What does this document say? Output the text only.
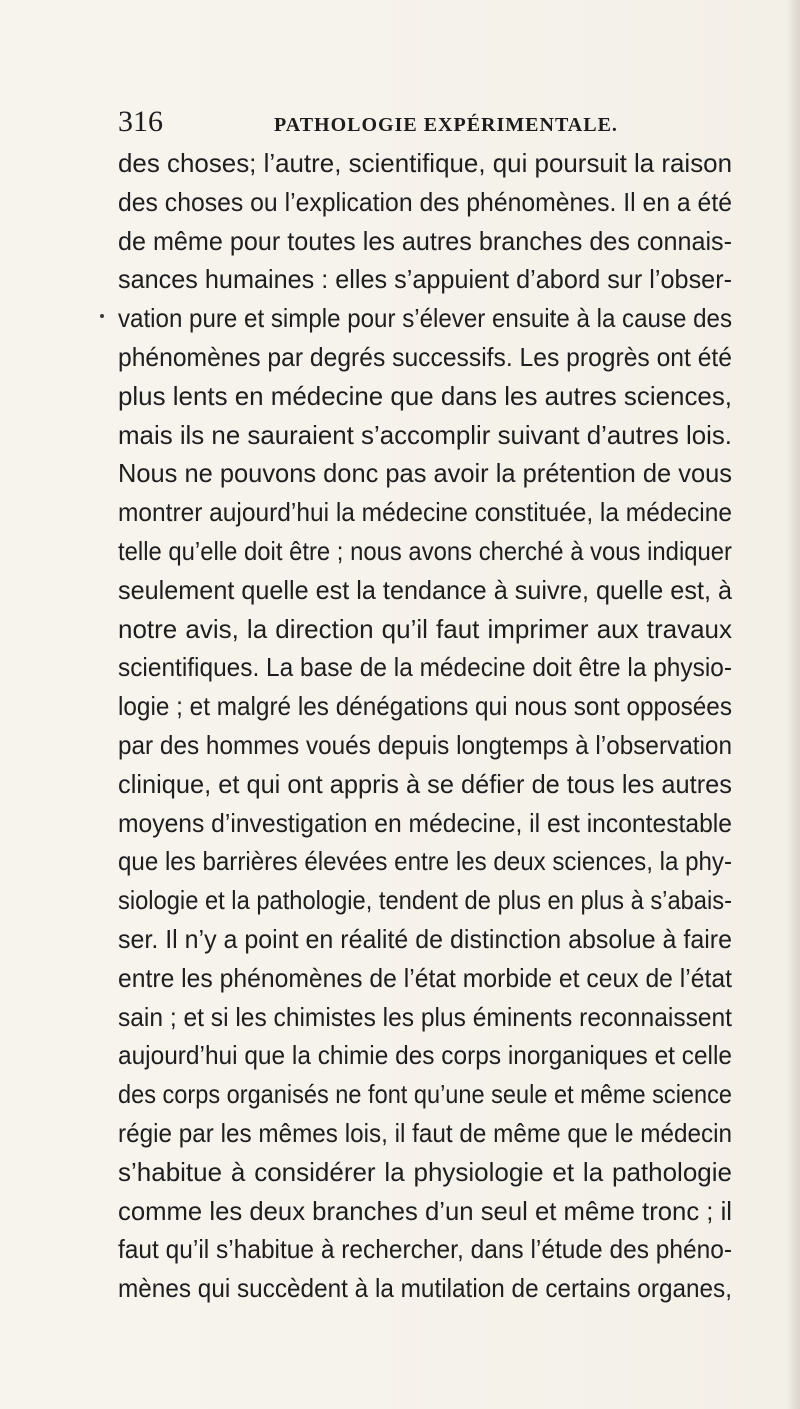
316	PATHOLOGIE EXPÉRIMENTALE.
des choses; l’autre, scientifique, qui poursuit la raison
des choses ou l’explication des phénomènes. Il en a été
de même pour toutes les autres branches des connais-
sances humaines : elles s’appuient d’abord sur l’obser-
vation pure et simple pour s’élever ensuite à la cause des
phénomènes par degrés successifs. Les progrès ont été
plus lents en médecine que dans les autres sciences,
mais ils ne sauraient s’accomplir suivant d’autres lois.
Nous ne pouvons donc pas avoir la prétention de vous
montrer aujourd’hui la médecine constituée, la médecine
telle qu’elle doit être ; nous avons cherché à vous indiquer
seulement quelle est la tendance à suivre, quelle est, à
notre avis, la direction qu’il faut imprimer aux travaux
scientifiques. La base de la médecine doit être la physio-
logie ; et malgré les dénégations qui nous sont opposées
par des hommes voués depuis longtemps à l’observation
clinique, et qui ont appris à se défier de tous les autres
moyens d’investigation en médecine, il est incontestable
que les barrières élevées entre les deux sciences, la phy-
siologie et la pathologie, tendent de plus en plus à s’abais-
ser. Il n’y a point en réalité de distinction absolue à faire
entre les phénomènes de l’état morbide et ceux de l’état
sain ; et si les chimistes les plus éminents reconnaissent
aujourd’hui que la chimie des corps inorganiques et celle
des corps organisés ne font qu’une seule et même science
régie par les mêmes lois, il faut de même que le médecin
s’habitue à considérer la physiologie et la pathologie
comme les deux branches d’un seul et même tronc ; il
faut qu’il s’habitue à rechercher, dans l’étude des phéno-
mènes qui succèdent à la mutilation de certains organes,
